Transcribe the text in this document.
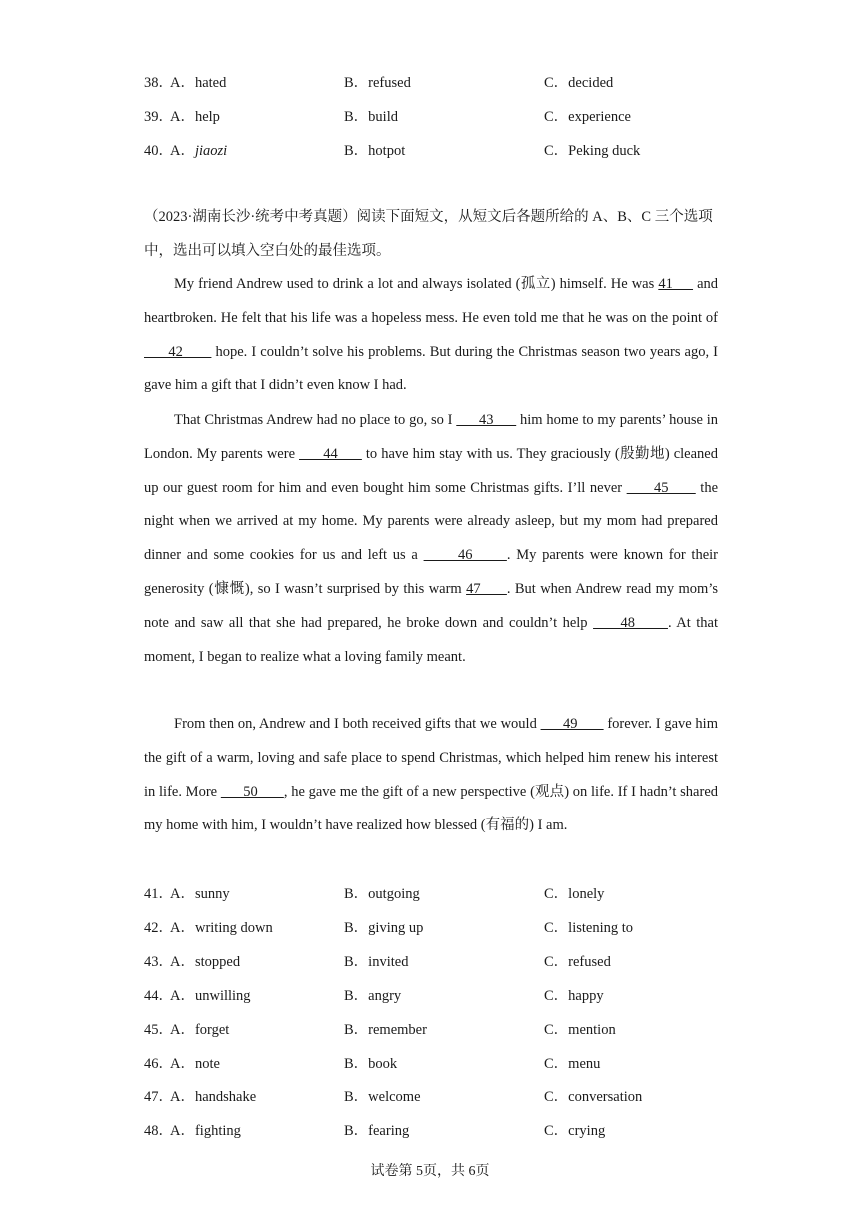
38．
A．hated	B．refused	C．decided
39．
A．help	B．build	C．experience
40．
A．jiaozi	B．hotpot	C．Peking duck
（2023·湖南长沙·统考中考真题）阅读下面短文，从短文后各题所给的 A、B、C 三个选项中，选出可以填入空白处的最佳选项。
My friend Andrew used to drink a lot and always isolated (孤立) himself. He was 41      and heartbroken. He felt that his life was a hopeless mess. He even told me that he was on the point of       42        hope. I couldn’t solve his problems. But during the Christmas season two years ago, I gave him a gift that I didn’t even know I had.
That Christmas Andrew had no place to go, so I       43       him home to my parents’ house in London. My parents were       44       to have him stay with us. They graciously (殷勤地) cleaned up our guest room for him and even bought him some Christmas gifts. I’ll never       45       the night when we arrived at my home. My parents were already asleep, but my mom had prepared dinner and some cookies for us and left us a       46      . My parents were known for their generosity (慷慨), so I wasn’t surprised by this warm 47      . But when Andrew read my mom’s note and saw all that she had prepared, he broke down and couldn’t help      48      . At that moment, I began to realize what a loving family meant.
From then on, Andrew and I both received gifts that we would       49        forever. I gave him the gift of a warm, loving and safe place to spend Christmas, which helped him renew his interest in life. More       50       , he gave me the gift of a new perspective (观点) on life. If I hadn’t shared my home with him, I wouldn’t have realized how blessed (有福的) I am.
41．
A．sunny	B．outgoing	C．lonely
42．
A．writing down	B．giving up	C．listening to
43．
A．stopped	B．invited	C．refused
44．
A．unwilling	B．angry	C．happy
45．
A．forget	B．remember	C．mention
46．
A．note	B．book	C．menu
47．
A．handshake	B．welcome	C．conversation
48．
A．fighting	B．fearing	C．crying
试卷第 5页，共 6页
